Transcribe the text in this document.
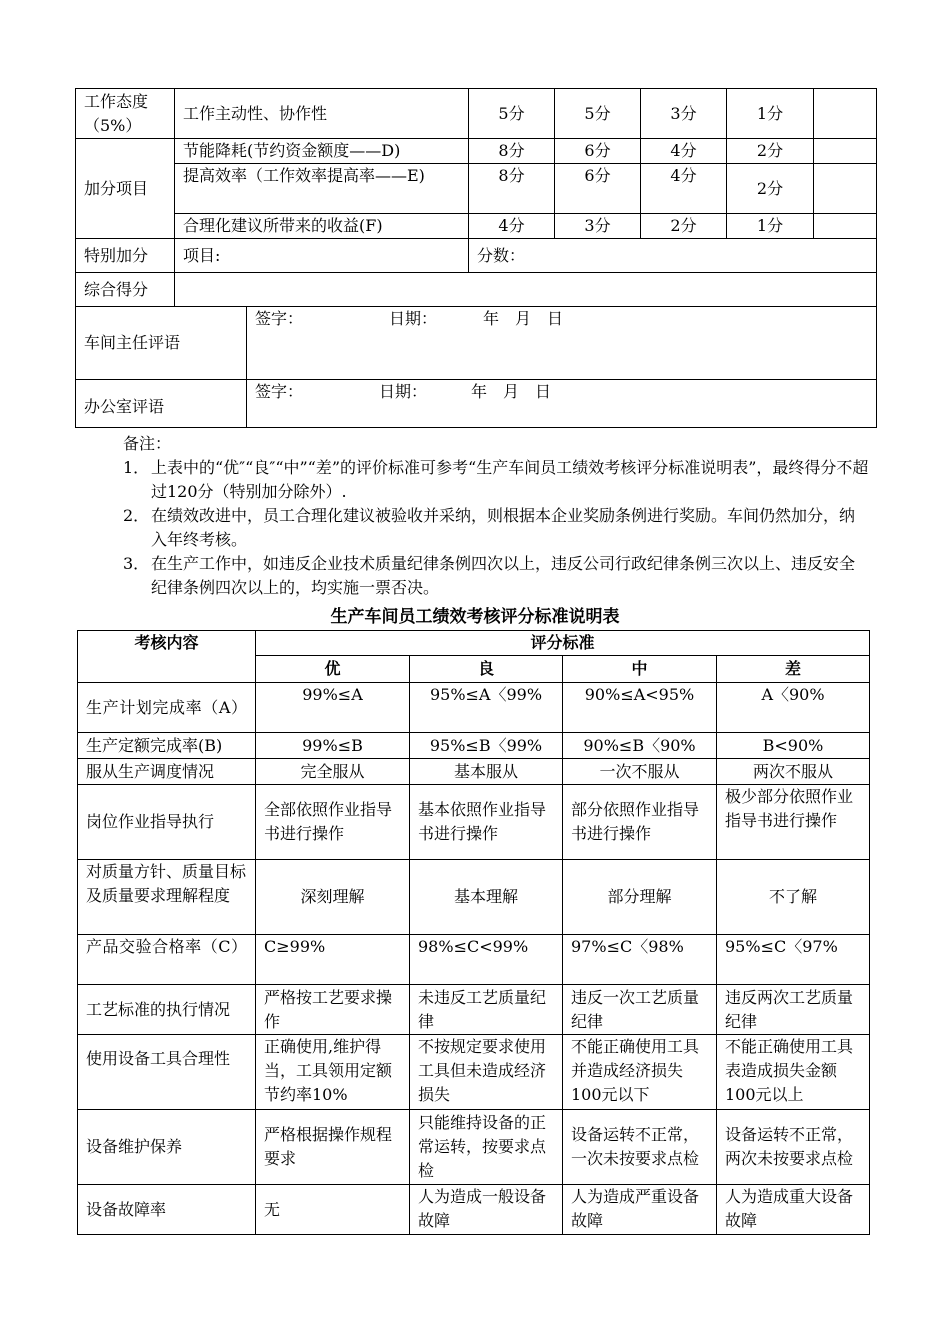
工作态度（5%）	工作主动性、协作性		5分	5分	3分	1分	
加分项目	节能降耗(节约资金额度——D)		8分	6分	4分	2分	
	提高效率（工作效率提高率——E)		8分	6分	4分	2分	
	合理化建议所带来的收益(F)		4分	3分	2分	1分	
特别加分	项目:		分数：				
综合得分							
车间主任评语		签字： 日期： 年　月　日					
办公室评语		签字： 日期： 年　月　日					
备注：
1． 上表中的“优″“良″“中”“差”的评价标准可参考“生产车间员工绩效考核评分标准说明表”，最终得分不超过120分（特别加分除外）.
2． 在绩效改进中，员工合理化建议被验收并采纳，则根据本企业奖励条例进行奖励。车间仍然加分，纳入年终考核。
3． 在生产工作中，如违反企业技术质量纪律条例四次以上，违反公司行政纪律条例三次以上、违反安全纪律条例四次以上的，均实施一票否决。
生产车间员工绩效考核评分标准说明表
考核内容	评分标准			
	优	良	中	差
生产计划完成率（A）	99%≤A	95%≤A〈99%	90%≤A<95%	A〈90%
生产定额完成率(B)	99%≤B	95%≤B〈99%	90%≤B〈90%	B<90%
服从生产调度情况	完全服从	基本服从	一次不服从	两次不服从
岗位作业指导执行	全部依照作业指导书进行操作	基本依照作业指导书进行操作	部分依照作业指导书进行操作	极少部分依照作业指导书进行操作
对质量方针、质量目标及质量要求理解程度	深刻理解	基本理解	部分理解	不了解
产品交验合格率（C）	C≥99%	98%≤C<99%	97%≤C〈98%	95%≤C〈97%
工艺标准的执行情况	严格按工艺要求操作	未违反工艺质量纪律	违反一次工艺质量纪律	违反两次工艺质量纪律
使用设备工具合理性	正确使用,维护得当，工具领用定额节约率10%	不按规定要求使用工具但未造成经济损失	不能正确使用工具并造成经济损失100元以下	不能正确使用工具表造成损失金额100元以上
设备维护保养	严格根据操作规程要求	只能维持设备的正常运转，按要求点检	设备运转不正常，一次未按要求点检	设备运转不正常，两次未按要求点检
设备故障率	无	人为造成一般设备故障	人为造成严重设备故障	人为造成重大设备故障
